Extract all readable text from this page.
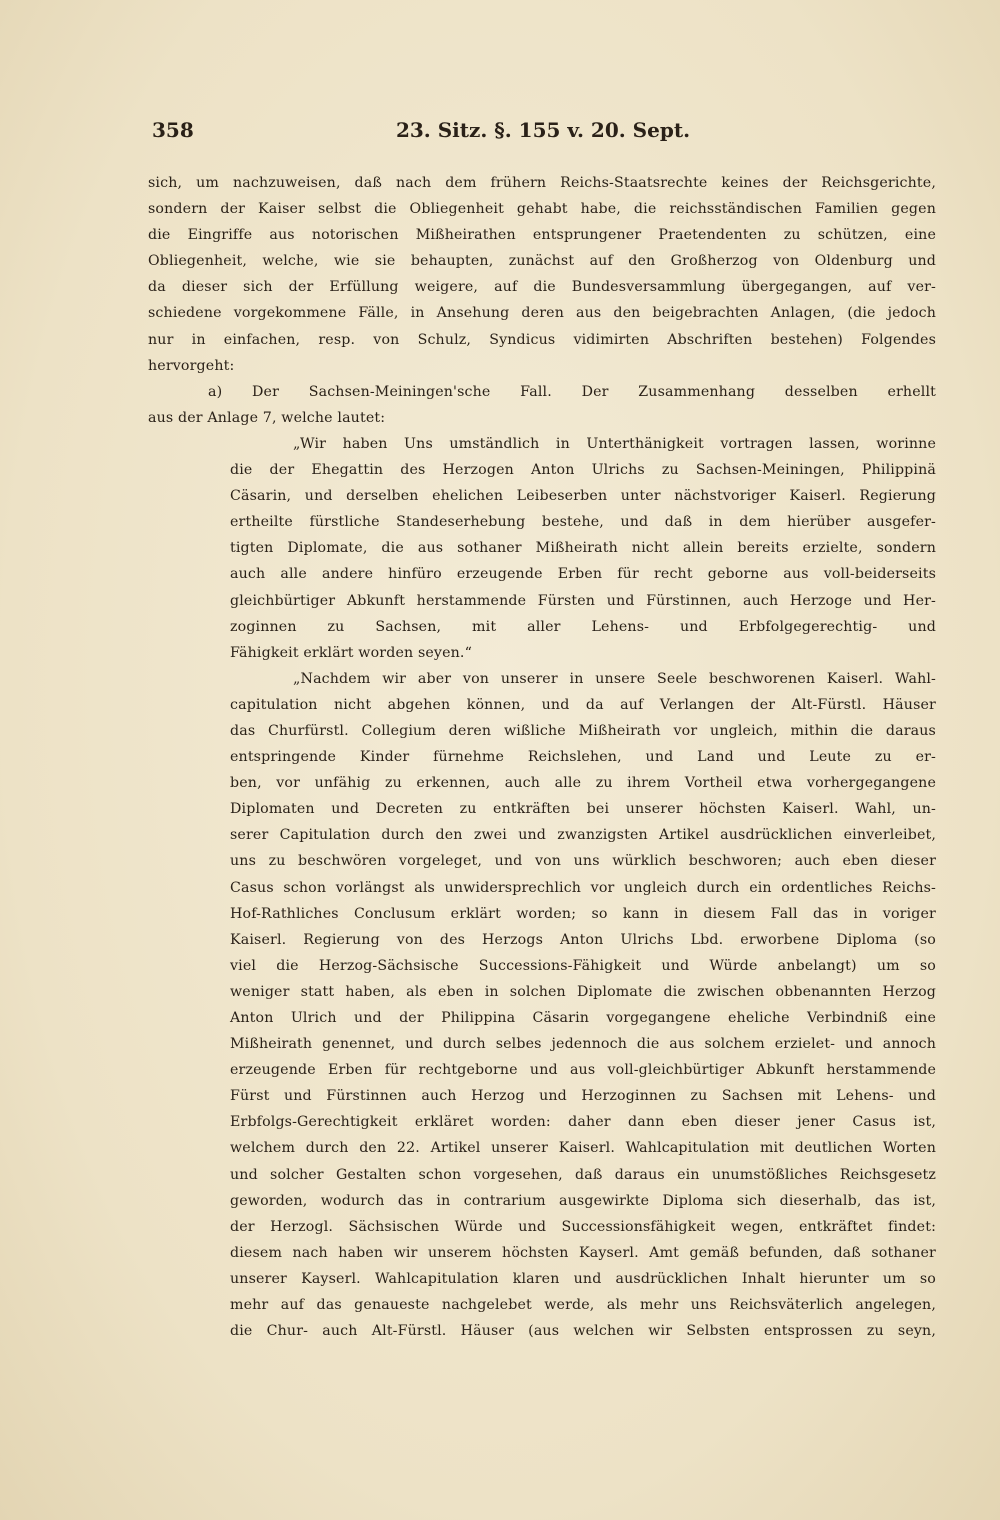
358	23. Sitz. §. 155 v. 20. Sept.
sich, um nachzuweisen, daß nach dem frühern Reichs-Staatsrechte keines der Reichsgerichte,
sondern der Kaiser selbst die Obliegenheit gehabt habe, die reichsständischen Familien gegen
die Eingriffe aus notorischen Mißheirathen entsprungener Praetendenten zu schützen, eine
Obliegenheit, welche, wie sie behaupten, zunächst auf den Großherzog von Oldenburg und
da dieser sich der Erfüllung weigere, auf die Bundesversammlung übergegangen, auf ver-
schiedene vorgekommene Fälle, in Ansehung deren aus den beigebrachten Anlagen, (die jedoch
nur in einfachen, resp. von Schulz, Syndicus vidimirten Abschriften bestehen) Folgendes
hervorgeht:
a) Der Sachsen-Meiningen'sche Fall. Der Zusammenhang desselben erhellt
aus der Anlage 7, welche lautet:
„Wir haben Uns umständlich in Unterthänigkeit vortragen lassen, worinne
die der Ehegattin des Herzogen Anton Ulrichs zu Sachsen-Meiningen, Philippinä
Cäsarin, und derselben ehelichen Leibeserben unter nächstvoriger Kaiserl. Regierung
ertheilte fürstliche Standeserhebung bestehe, und daß in dem hierüber ausgefer-
tigten Diplomate, die aus sothaner Mißheirath nicht allein bereits erzielte, sondern
auch alle andere hinfüro erzeugende Erben für recht geborne aus voll-beiderseits
gleichbürtiger Abkunft herstammende Fürsten und Fürstinnen, auch Herzoge und Her-
zoginnen zu Sachsen, mit aller Lehens- und Erbfolgegerechtig- und
Fähigkeit erklärt worden seyen.“
„Nachdem wir aber von unserer in unsere Seele beschworenen Kaiserl. Wahl-
capitulation nicht abgehen können, und da auf Verlangen der Alt-Fürstl. Häuser
das Churfürstl. Collegium deren wißliche Mißheirath vor ungleich, mithin die daraus
entspringende Kinder fürnehme Reichslehen, und Land und Leute zu er-
ben, vor unfähig zu erkennen, auch alle zu ihrem Vortheil etwa vorhergegangene
Diplomaten und Decreten zu entkräften bei unserer höchsten Kaiserl. Wahl, un-
serer Capitulation durch den zwei und zwanzigsten Artikel ausdrücklichen einverleibet,
uns zu beschwören vorgeleget, und von uns würklich beschworen; auch eben dieser
Casus schon vorlängst als unwidersprechlich vor ungleich durch ein ordentliches Reichs-
Hof-Rathliches Conclusum erklärt worden; so kann in diesem Fall das in voriger
Kaiserl. Regierung von des Herzogs Anton Ulrichs Lbd. erworbene Diploma (so
viel die Herzog-Sächsische Successions-Fähigkeit und Würde anbelangt) um so
weniger statt haben, als eben in solchen Diplomate die zwischen obbenannten Herzog
Anton Ulrich und der Philippina Cäsarin vorgegangene eheliche Verbindniß eine
Mißheirath genennet, und durch selbes jedennoch die aus solchem erzielet- und annoch
erzeugende Erben für rechtgeborne und aus voll-gleichbürtiger Abkunft herstammende
Fürst und Fürstinnen auch Herzog und Herzoginnen zu Sachsen mit Lehens- und
Erbfolgs-Gerechtigkeit erkläret worden: daher dann eben dieser jener Casus ist,
welchem durch den 22. Artikel unserer Kaiserl. Wahlcapitulation mit deutlichen Worten
und solcher Gestalten schon vorgesehen, daß daraus ein unumstößliches Reichsgesetz
geworden, wodurch das in contrarium ausgewirkte Diploma sich dieserhalb, das ist,
der Herzogl. Sächsischen Würde und Successionsfähigkeit wegen, entkräftet findet:
diesem nach haben wir unserem höchsten Kayserl. Amt gemäß befunden, daß sothaner
unserer Kayserl. Wahlcapitulation klaren und ausdrücklichen Inhalt hierunter um so
mehr auf das genaueste nachgelebet werde, als mehr uns Reichsväterlich angelegen,
die Chur- auch Alt-Fürstl. Häuser (aus welchen wir Selbsten entsprossen zu seyn,
